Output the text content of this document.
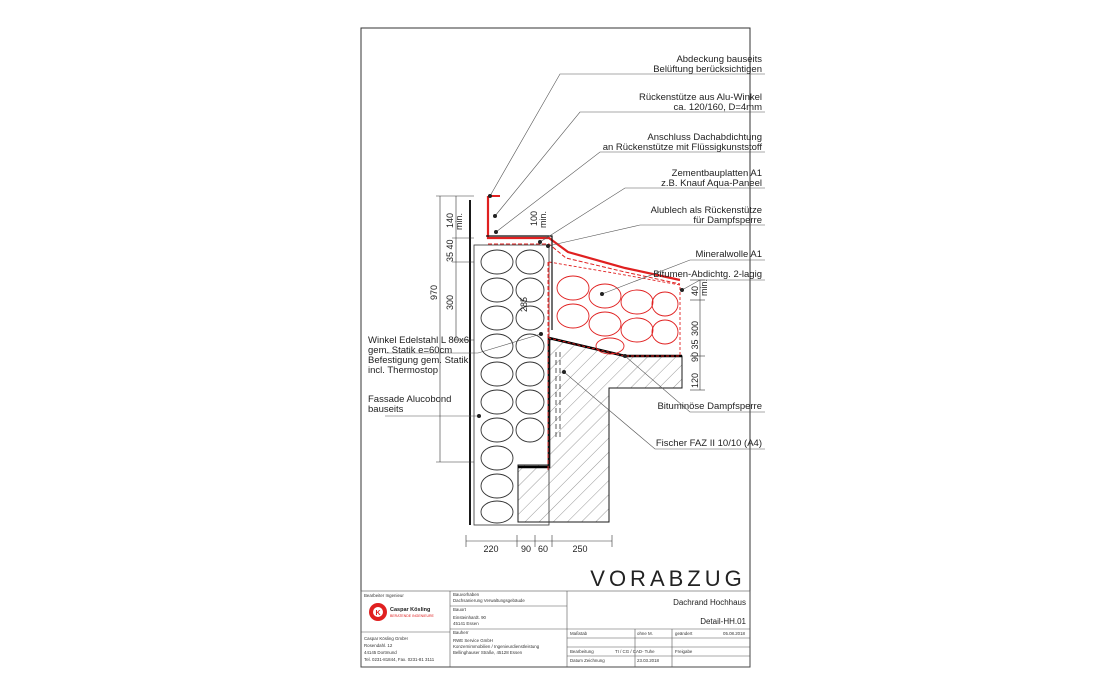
Abdeckung bauseits
Belüftung berücksichtigen
Rückenstütze aus Alu-Winkel
ca. 120/160, D=4mm
Anschluss Dachabdichtung
an Rückenstütze mit Flüssigkunststoff
Zementbauplatten A1
z.B. Knauf Aqua-Paneel
Alublech als Rückenstütze
für Dampfsperre
Mineralwolle A1
Bitumen-Abdichtg. 2-lagig
Bituminöse Dampfsperre
Fischer FAZ II 10/10 (A4)
Winkel Edelstahl L 80x6
gem. Statik e=60cm
Befestigung gem. Statik
incl. Thermostop
Fassade Alucobond
bauseits
970
300
35 40
140 min.	100 min.
285
40 min.
300
120
90 35
220 90 60	250
VORABZUG
K Caspar Kösling
BERATENDE INGENIEURE
Bearbeiter Ingenieur
Caspar Kösling GmbH
Rosendahl. 12
44145 Dortmund
Tel. 0231-81844, Fax. 0231-81 3111
Bauvorhaben
Dachsanierung Verwaltungsgebäude
Bauort
Einsteinhardt. 90
45141 Essen
Bauherr
RWE Service GmbH
Konzernimmobilien / Ingenieurdienstleistung
Bellinghauser Straße, 45128 Essen
Maßstab	ohne M.	geändert	05.08.2018
Bearbeitung	TI / CG / CAD- Tuhe	Freigabe
Datum Zeichnung	23.03.2018
Dachrand Hochhaus
Detail-HH.01
